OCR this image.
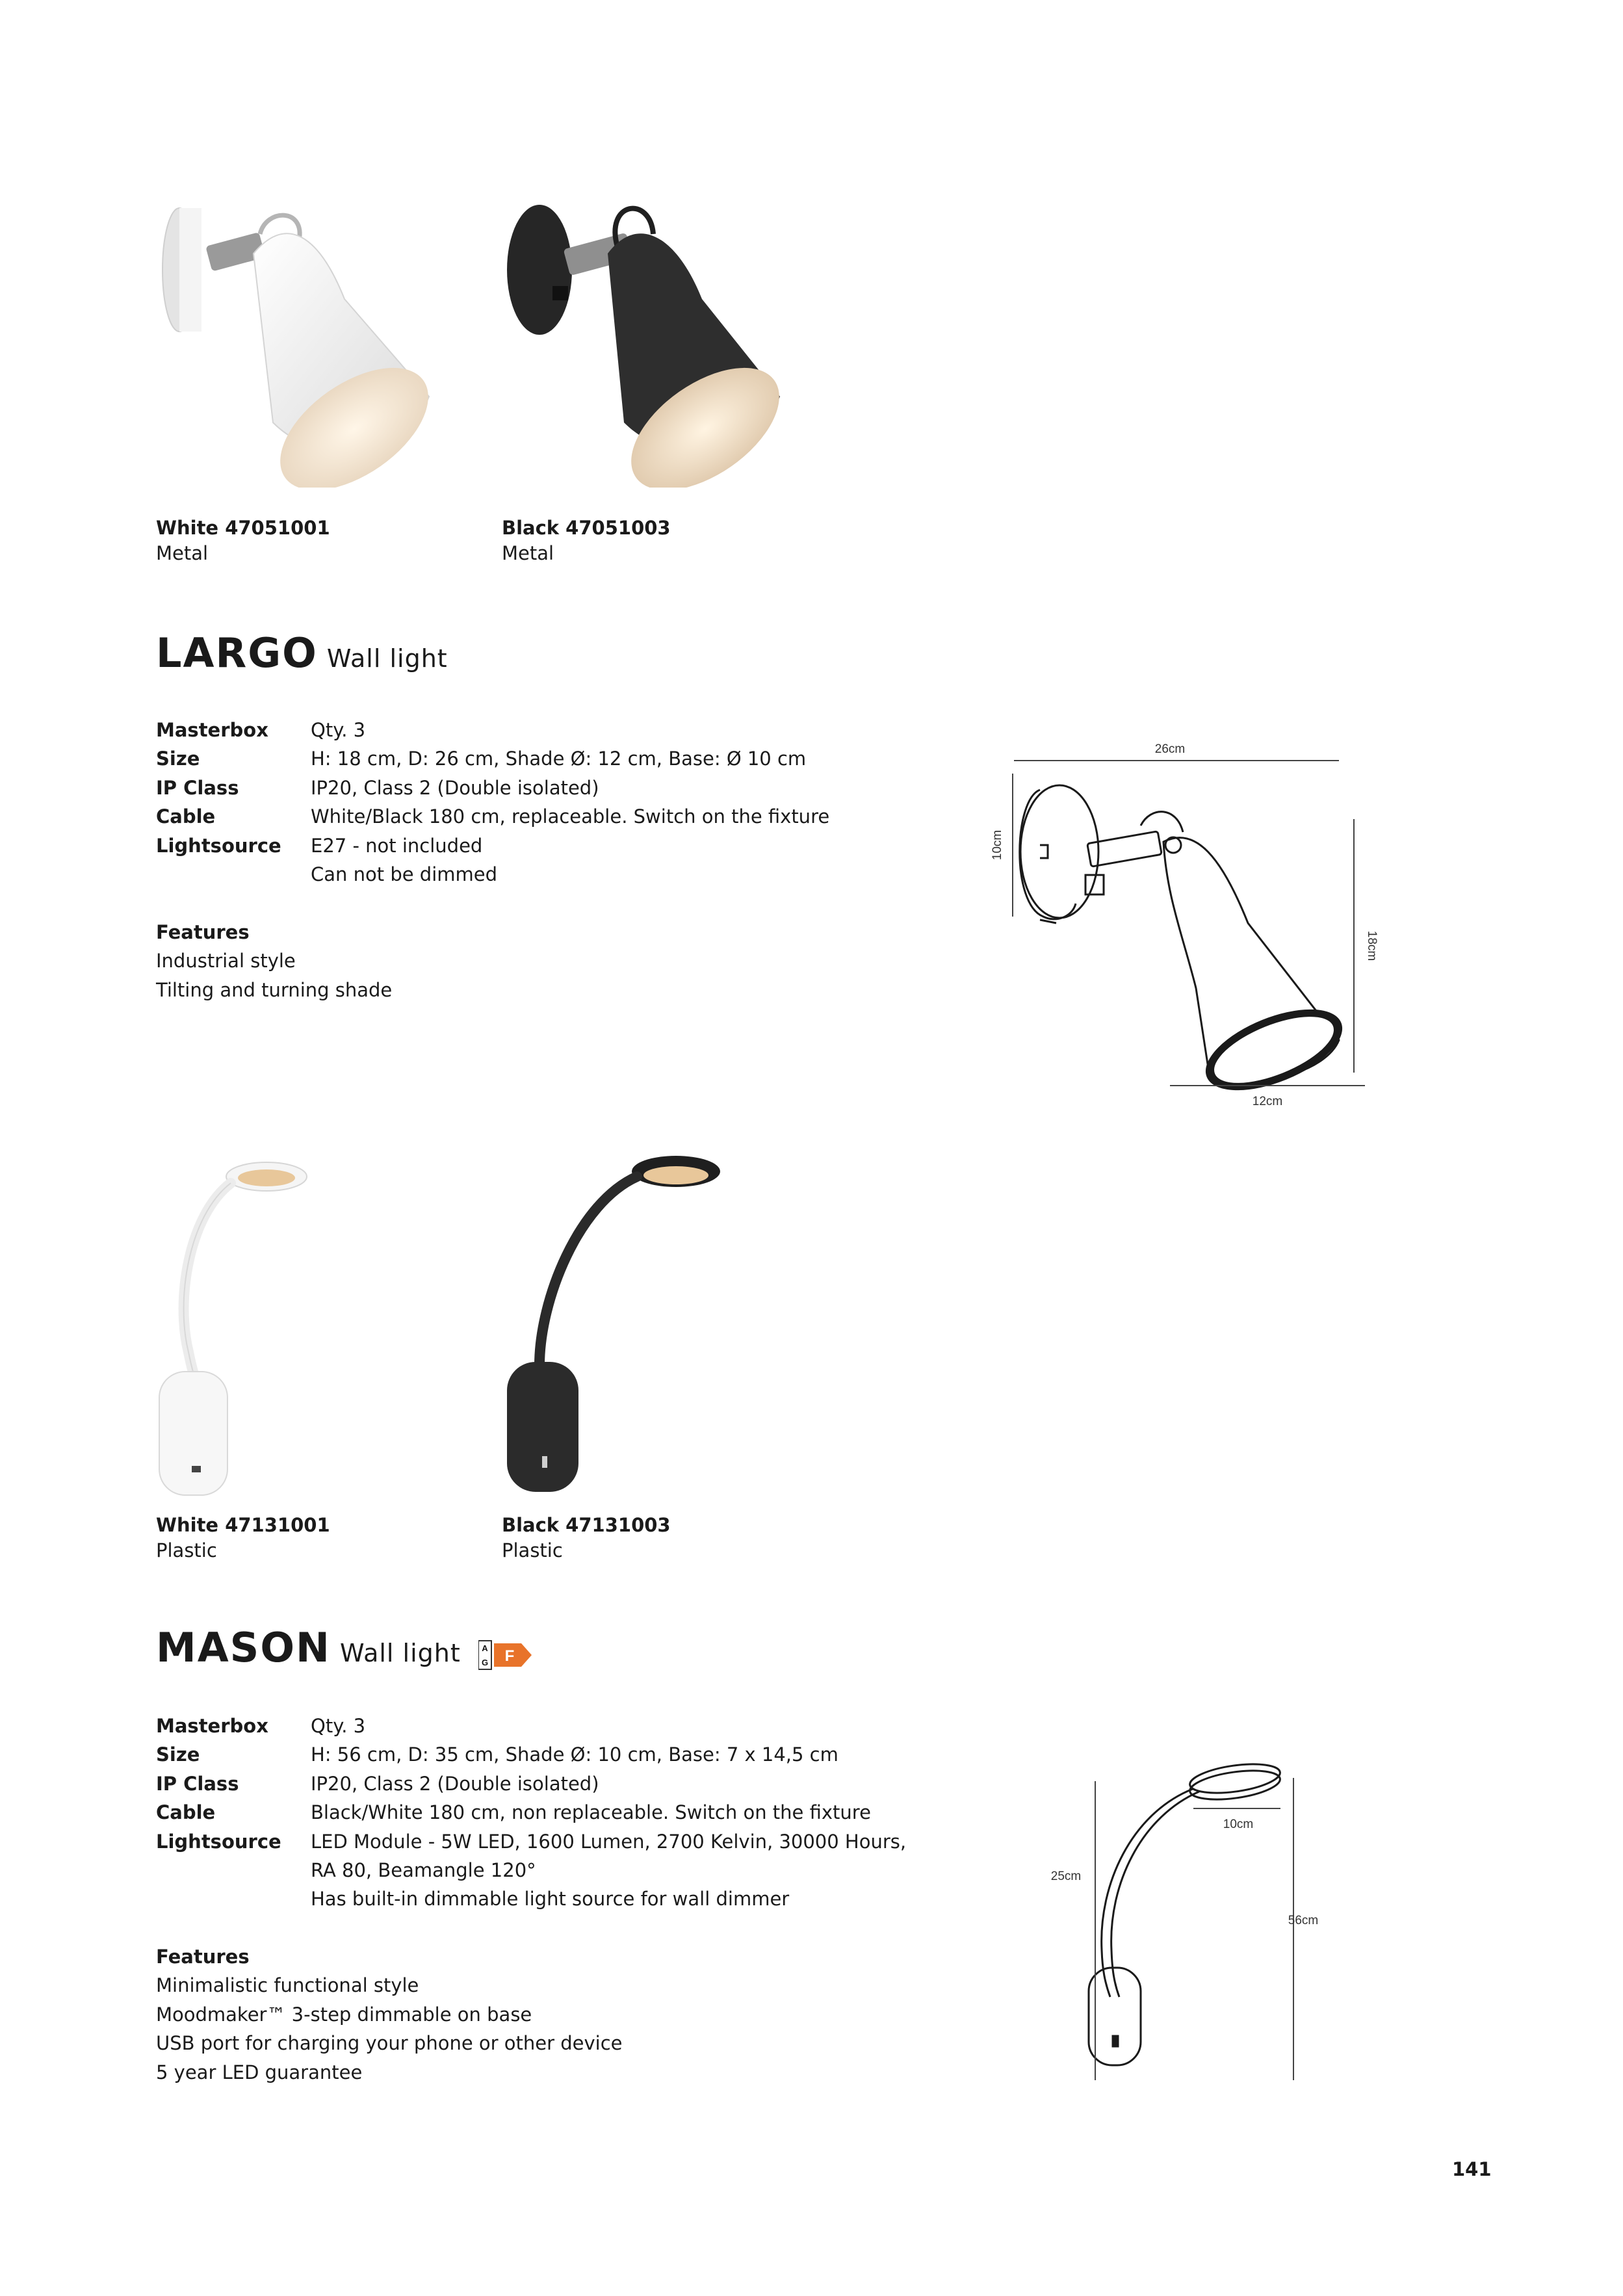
White 47051001
Metal
Black 47051003
Metal
LARGO Wall light
Masterbox	Qty. 3
Size	H: 18 cm, D: 26 cm, Shade Ø: 12 cm, Base: Ø 10 cm
IP Class	IP20, Class 2 (Double isolated)
Cable	White/Black 180 cm, replaceable. Switch on the fixture
Lightsource	E27 - not included
Can not be dimmed
Features
Industrial style
Tilting and turning shade
26cm
10cm
18cm
12cm
White 47131001
Plastic
Black 47131003
Plastic
MASON Wall light	A
G F
Masterbox	Qty. 3
Size	H: 56 cm, D: 35 cm, Shade Ø: 10 cm, Base: 7 x 14,5 cm
IP Class	IP20, Class 2 (Double isolated)
Cable	Black/White 180 cm, non replaceable. Switch on the fixture
Lightsource	LED Module - 5W LED, 1600 Lumen, 2700 Kelvin, 30000 Hours,
RA 80, Beamangle 120°
Has built-in dimmable light source for wall dimmer
Features
Minimalistic functional style
Moodmaker™ 3-step dimmable on base
USB port for charging your phone or other device
5 year LED guarantee
10cm
25cm
56cm
141
